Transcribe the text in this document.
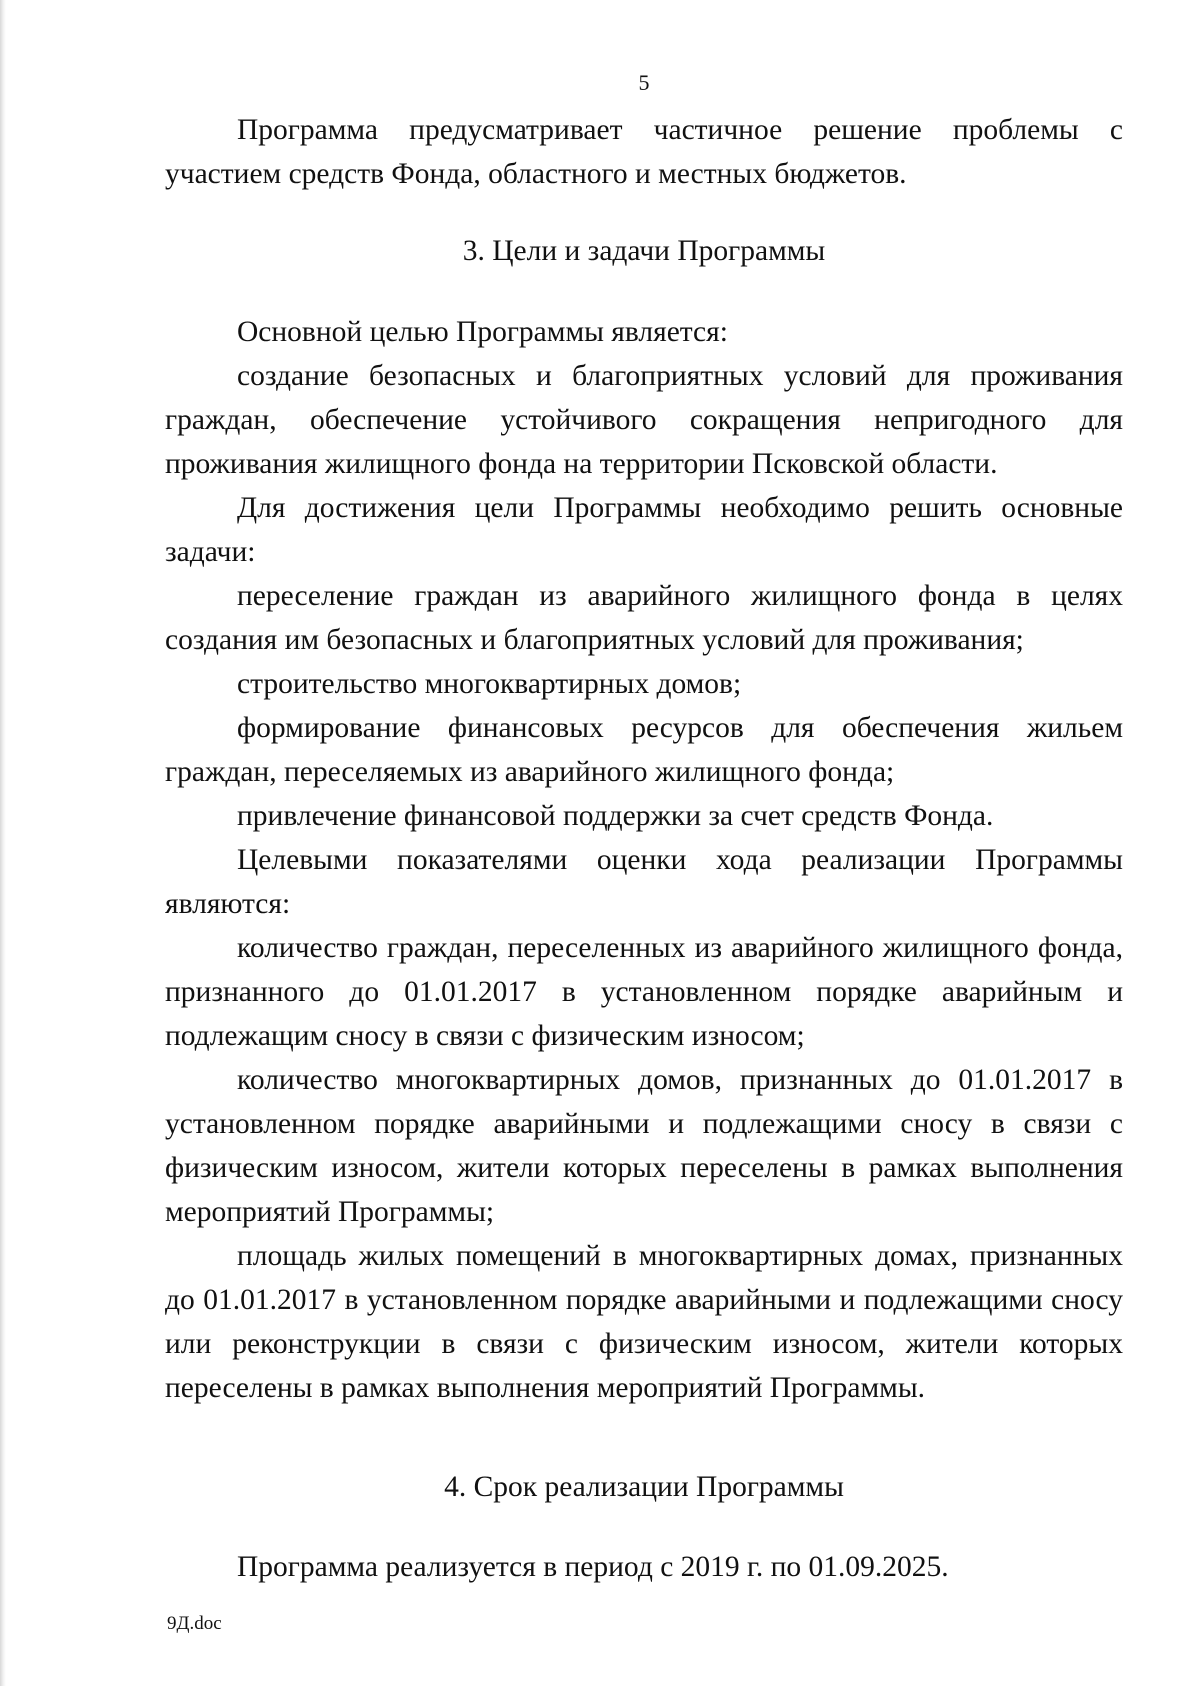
5

Программа предусматривает частичное решение проблемы с участием средств Фонда, областного и местных бюджетов.

3. Цели и задачи Программы

Основной целью Программы является:

создание безопасных и благоприятных условий для проживания граждан, обеспечение устойчивого сокращения непригодного для проживания жилищного фонда на территории Псковской области.

Для достижения цели Программы необходимо решить основные задачи:

переселение граждан из аварийного жилищного фонда в целях создания им безопасных и благоприятных условий для проживания;

строительство многоквартирных домов;

формирование финансовых ресурсов для обеспечения жильем граждан, переселяемых из аварийного жилищного фонда;

привлечение финансовой поддержки за счет средств Фонда.

Целевыми показателями оценки хода реализации Программы являются:

количество граждан, переселенных из аварийного жилищного фонда, признанного до 01.01.2017 в установленном порядке аварийным и подлежащим сносу в связи с физическим износом;

количество многоквартирных домов, признанных до 01.01.2017 в установленном порядке аварийными и подлежащими сносу в связи с физическим износом, жители которых переселены в рамках выполнения мероприятий Программы;

площадь жилых помещений в многоквартирных домах, признанных до 01.01.2017 в установленном порядке аварийными и подлежащими сносу или реконструкции в связи с физическим износом, жители которых переселены в рамках выполнения мероприятий Программы.

4. Срок реализации Программы

Программа реализуется в период с 2019 г. по 01.09.2025.

9Д.doc
